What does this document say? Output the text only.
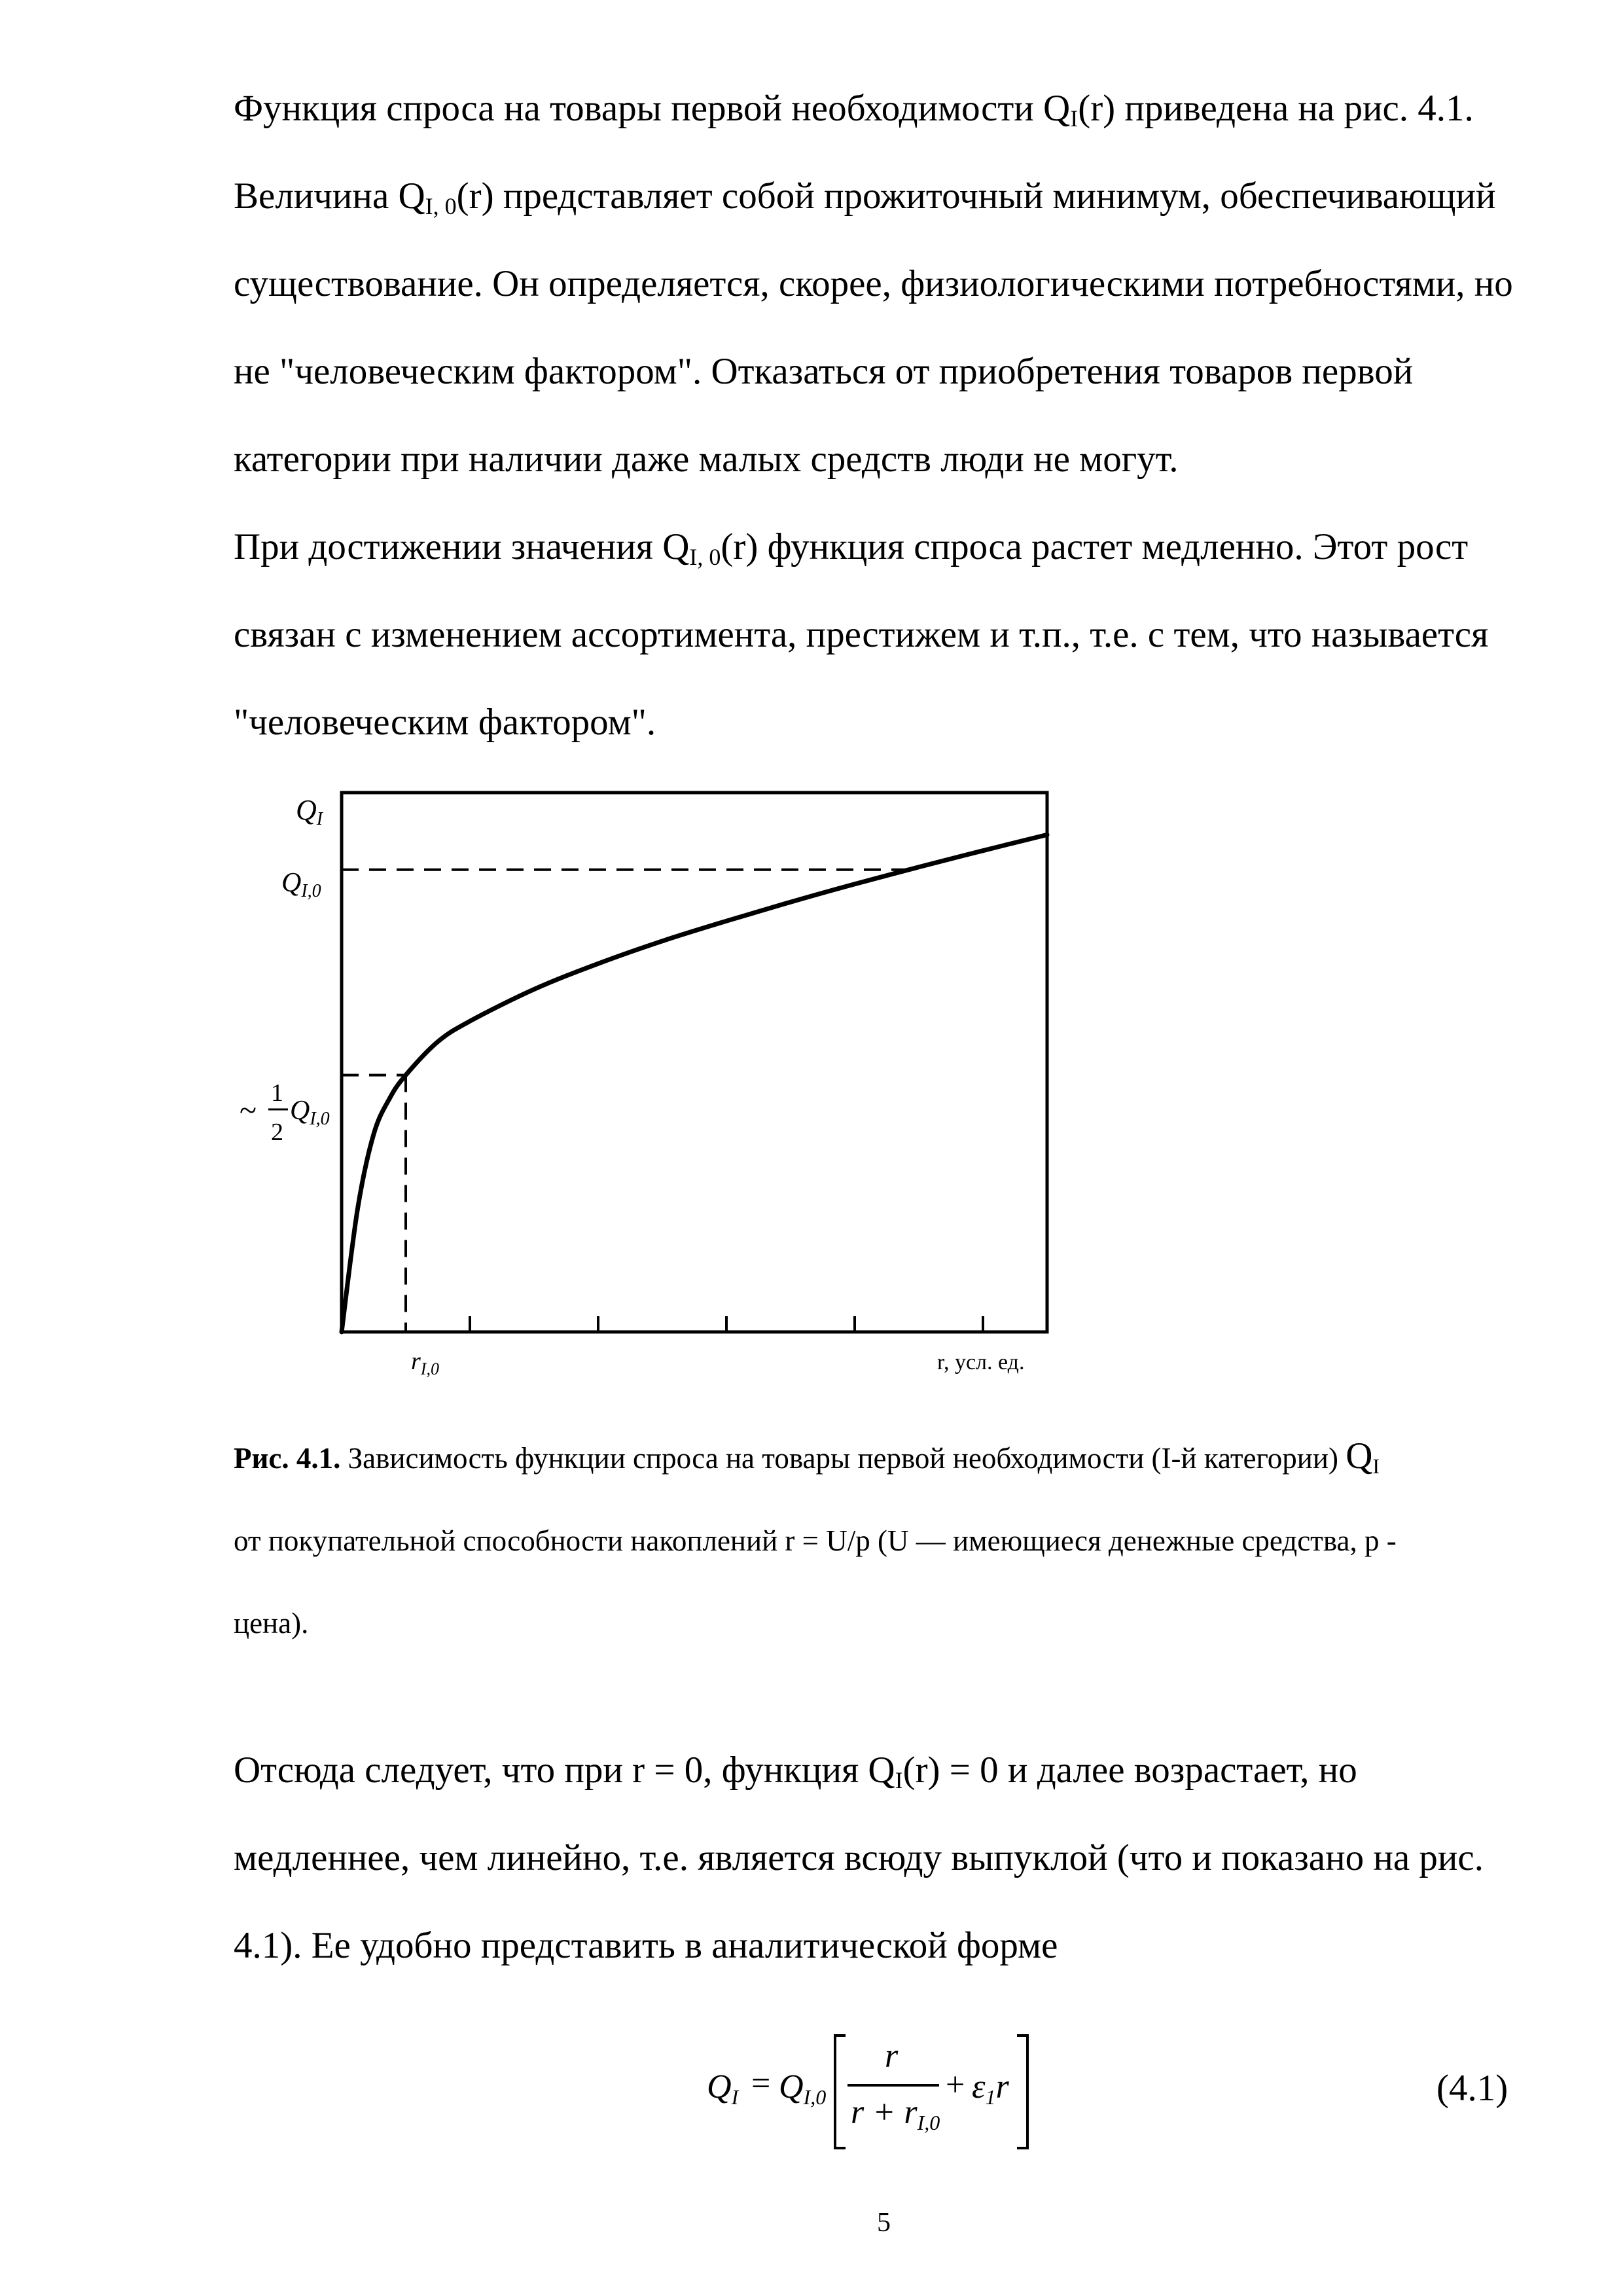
Функция спроса на товары первой необходимости $Q_I(r)$ приведена на рис. 4.1.
Величина $Q_{I, 0}(r)$ представляет собой прожиточный минимум, обеспечивающий
существование. Он определяется, скорее, физиологическими потребностями, но
не "человеческим фактором". Отказаться от приобретения товаров первой
категории при наличии даже малых средств люди не могут.
При достижении значения $Q_{I, 0}(r)$ функция спроса растет медленно. Этот рост
связан с изменением ассортимента, престижем и т.п., т.е. с тем, что называется
"человеческим фактором".
QI
QI,0
~ 1
2
QI,0
$r_{I,0}$	r, усл. ед.
Рис. 4.1. Зависимость функции спроса на товары первой необходимости (I-й категории) $Q_I$
от покупательной способности накоплений r = U/p (U — имеющиеся денежные средства, p -
цена).
Отсюда следует, что при r = 0, функция $Q_I(r) = 0$ и далее возрастает, но
медленнее, чем линейно, т.е. является всюду выпуклой (что и показано на рис.
4.1). Ее удобно представить в аналитической форме
QI = QI,0
r
r + rI,0
+ ε1r	(4.1)
5
